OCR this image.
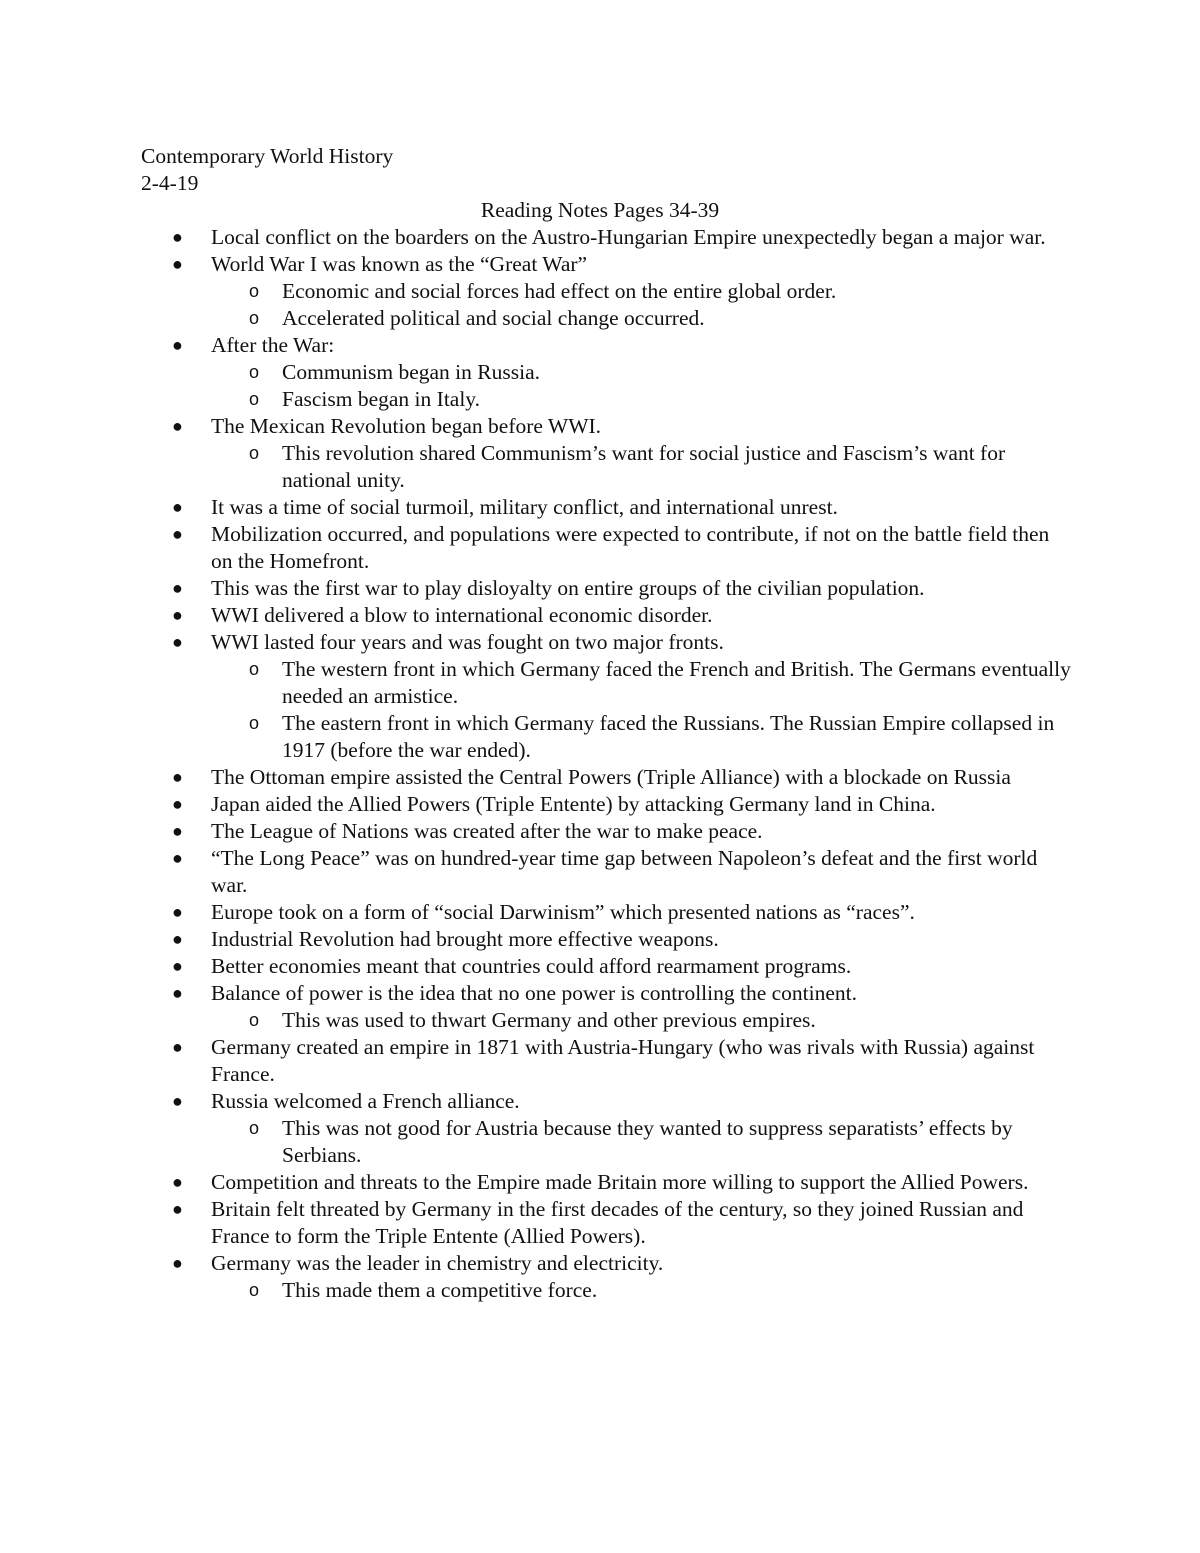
Contemporary World History
2-4-19
Reading Notes Pages 34-39
● Local conflict on the boarders on the Austro-Hungarian Empire unexpectedly began a major war.
● World War I was known as the “Great War”
o Economic and social forces had effect on the entire global order.
o Accelerated political and social change occurred.
● After the War:
o Communism began in Russia.
o Fascism began in Italy.
● The Mexican Revolution began before WWI.
o This revolution shared Communism’s want for social justice and Fascism’s want for national unity.
● It was a time of social turmoil, military conflict, and international unrest.
● Mobilization occurred, and populations were expected to contribute, if not on the battle field then on the Homefront.
● This was the first war to play disloyalty on entire groups of the civilian population.
● WWI delivered a blow to international economic disorder.
● WWI lasted four years and was fought on two major fronts.
o The western front in which Germany faced the French and British. The Germans eventually needed an armistice.
o The eastern front in which Germany faced the Russians. The Russian Empire collapsed in 1917 (before the war ended).
● The Ottoman empire assisted the Central Powers (Triple Alliance) with a blockade on Russia
● Japan aided the Allied Powers (Triple Entente) by attacking Germany land in China.
● The League of Nations was created after the war to make peace.
● “The Long Peace” was on hundred-year time gap between Napoleon’s defeat and the first world war.
● Europe took on a form of “social Darwinism” which presented nations as “races”.
● Industrial Revolution had brought more effective weapons.
● Better economies meant that countries could afford rearmament programs.
● Balance of power is the idea that no one power is controlling the continent.
o This was used to thwart Germany and other previous empires.
● Germany created an empire in 1871 with Austria-Hungary (who was rivals with Russia) against France.
● Russia welcomed a French alliance.
o This was not good for Austria because they wanted to suppress separatists’ effects by Serbians.
● Competition and threats to the Empire made Britain more willing to support the Allied Powers.
● Britain felt threated by Germany in the first decades of the century, so they joined Russian and France to form the Triple Entente (Allied Powers).
● Germany was the leader in chemistry and electricity.
o This made them a competitive force.
